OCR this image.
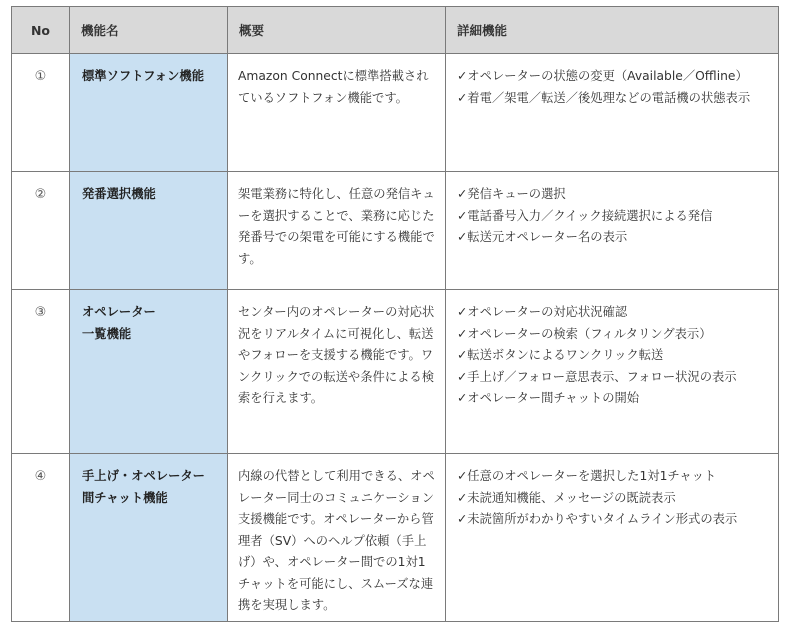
No	機能名	概要	詳細機能
①	標準ソフトフォン機能	Amazon Connectに標準搭載されているソフトフォン機能です。	✓オペレーターの状態の変更（Available／Offline）
✓着電／架電／転送／後処理などの電話機の状態表示

②	発番選択機能	架電業務に特化し、任意の発信キューを選択することで、業務に応じた発番号での架電を可能にする機能です。	✓発信キューの選択
✓電話番号入力／クイック接続選択による発信
✓転送元オペレーター名の表示

③	オペレーター
一覧機能	センター内のオペレーターの対応状況をリアルタイムに可視化し、転送やフォローを支援する機能です。ワンクリックでの転送や条件による検索を行えます。	✓オペレーターの対応状況確認
✓オペレーターの検索（フィルタリング表示）
✓転送ボタンによるワンクリック転送
✓手上げ／フォロー意思表示、フォロー状況の表示
✓オペレーター間チャットの開始

④	手上げ・オペレーター
間チャット機能	内線の代替として利用できる、オペレーター同士のコミュニケーション支援機能です。オペレーターから管理者（SV）へのヘルプ依頼（手上げ）や、オペレーター間での1対1チャットを可能にし、スムーズな連携を実現します。	✓任意のオペレーターを選択した1対1チャット
✓未読通知機能、メッセージの既読表示
✓未読箇所がわかりやすいタイムライン形式の表示
